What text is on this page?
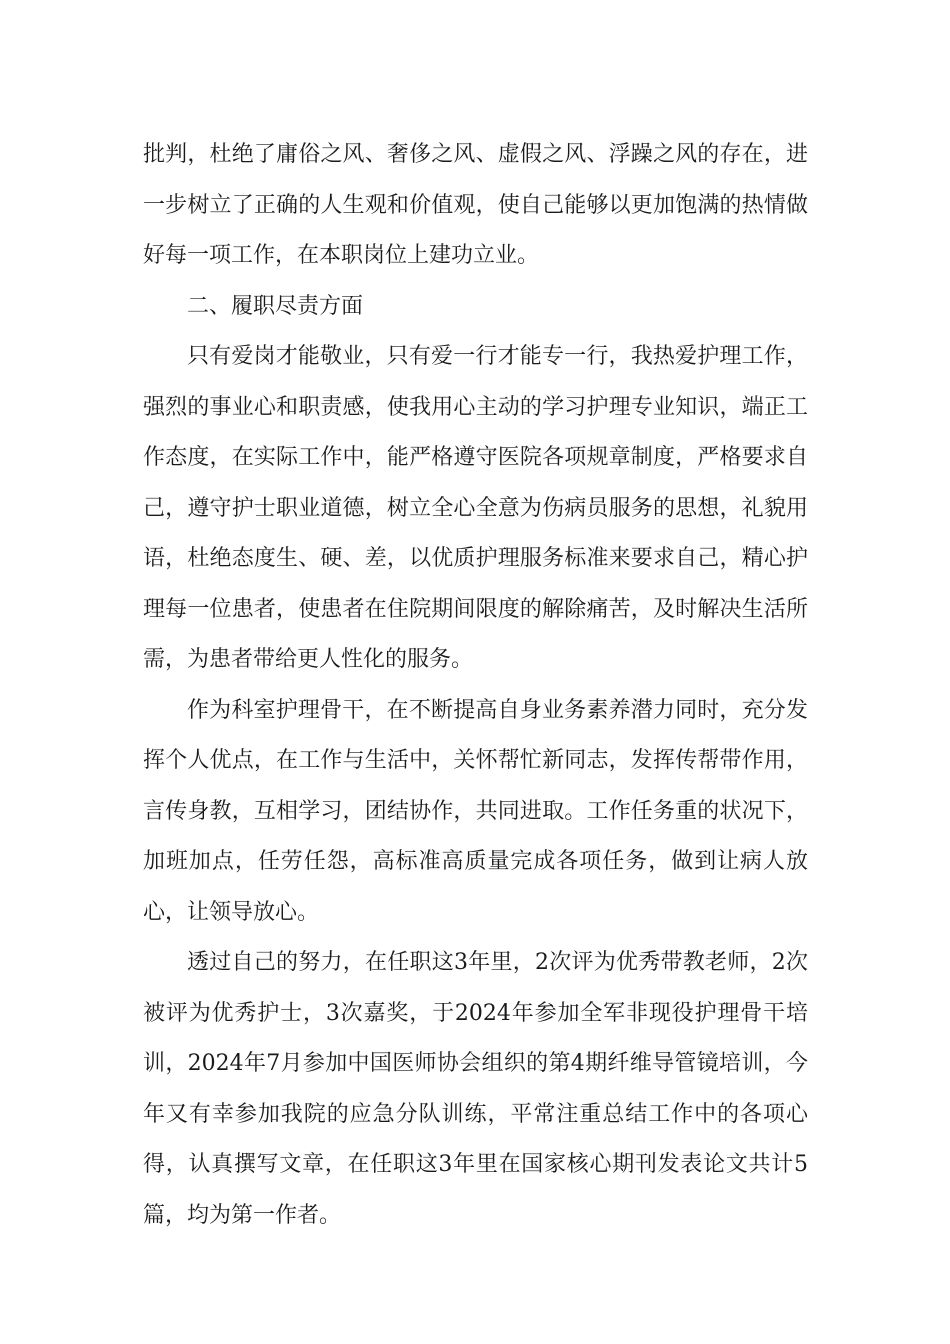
批判，杜绝了庸俗之风、奢侈之风、虚假之风、浮躁之风的存在，进一步树立了正确的人生观和价值观，使自己能够以更加饱满的热情做好每一项工作，在本职岗位上建功立业。

二、履职尽责方面

只有爱岗才能敬业，只有爱一行才能专一行，我热爱护理工作，强烈的事业心和职责感，使我用心主动的学习护理专业知识，端正工作态度，在实际工作中，能严格遵守医院各项规章制度，严格要求自己，遵守护士职业道德，树立全心全意为伤病员服务的思想，礼貌用语，杜绝态度生、硬、差，以优质护理服务标准来要求自己，精心护理每一位患者，使患者在住院期间限度的解除痛苦，及时解决生活所需，为患者带给更人性化的服务。

作为科室护理骨干，在不断提高自身业务素养潜力同时，充分发挥个人优点，在工作与生活中，关怀帮忙新同志，发挥传帮带作用，言传身教，互相学习，团结协作，共同进取。工作任务重的状况下，加班加点，任劳任怨，高标准高质量完成各项任务，做到让病人放心，让领导放心。

透过自己的努力，在任职这3年里，2次评为优秀带教老师，2次被评为优秀护士，3次嘉奖，于2024年参加全军非现役护理骨干培训，2024年7月参加中国医师协会组织的第4期纤维导管镜培训，今年又有幸参加我院的应急分队训练，平常注重总结工作中的各项心得，认真撰写文章，在任职这3年里在国家核心期刊发表论文共计5篇，均为第一作者。
